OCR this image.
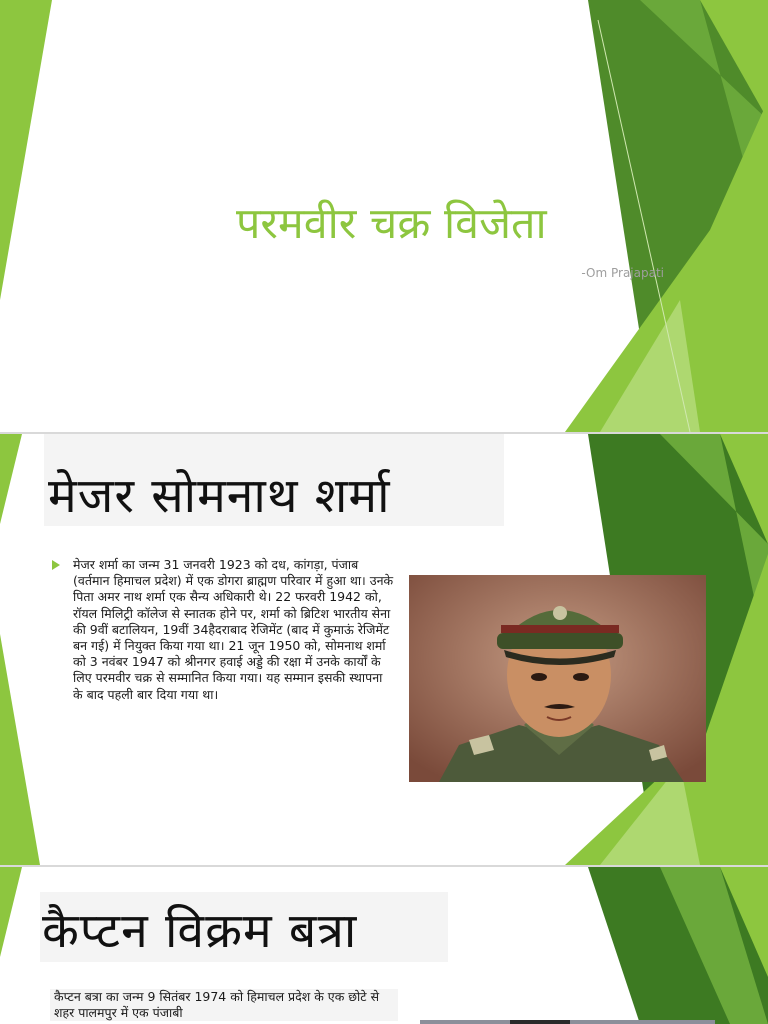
परमवीर चक्र विजेता
-Om Prajapati
मेजर सोमनाथ शर्मा
मेजर शर्मा का जन्म 31 जनवरी 1923 को दध, कांगड़ा, पंजाब (वर्तमान हिमाचल प्रदेश) में एक डोगरा ब्राह्मण परिवार में हुआ था। उनके पिता अमर नाथ शर्मा एक सैन्य अधिकारी थे। 22 फरवरी 1942 को, रॉयल मिलिट्री कॉलेज से स्नातक होने पर, शर्मा को ब्रिटिश भारतीय सेना की 9वीं बटालियन, 19वीं 34हैदराबाद रेजिमेंट (बाद में कुमाऊं रेजिमेंट बन गई) में नियुक्त किया गया था। 21 जून 1950 को, सोमनाथ शर्मा को 3 नवंबर 1947 को श्रीनगर हवाई अड्डे की रक्षा में उनके कार्यों के लिए परमवीर चक्र से सम्मानित किया गया। यह सम्मान इसकी स्थापना के बाद पहली बार दिया गया था।
कैप्टन विक्रम बत्रा
कैप्टन बत्रा का जन्म 9 सितंबर 1974 को हिमाचल प्रदेश के एक छोटे से शहर पालमपुर में एक पंजाबी
